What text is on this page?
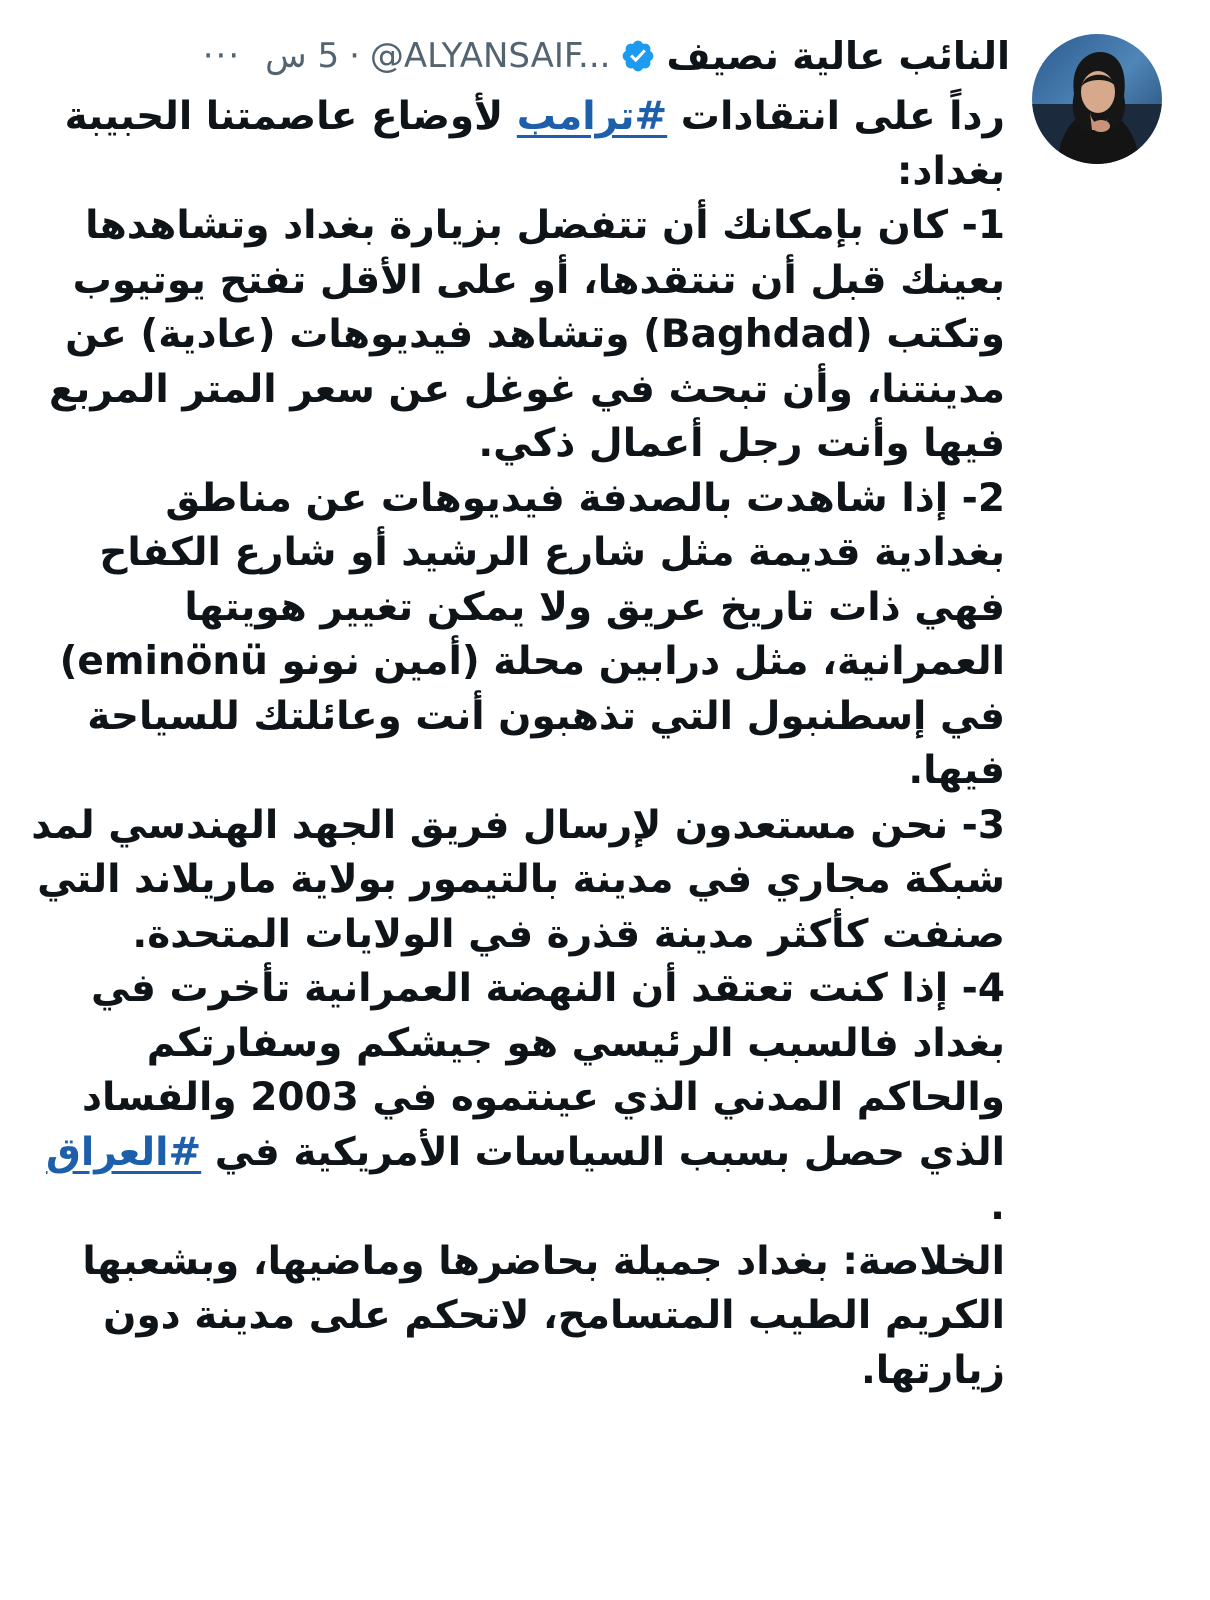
النائب عالية نصيف
@ALYANSAIF...
·
5 س
···

رداً على انتقادات #ترامب لأوضاع عاصمتنا الحبيبة بغداد:

1- كان بإمكانك أن تتفضل بزيارة بغداد وتشاهدها بعينك قبل أن تنتقدها، أو على الأقل تفتح يوتيوب وتكتب (Baghdad) وتشاهد فيديوهات (عادية) عن مدينتنا، وأن تبحث في غوغل عن سعر المتر المربع فيها وأنت رجل أعمال ذكي.

2- إذا شاهدت بالصدفة فيديوهات عن مناطق بغدادية قديمة مثل شارع الرشيد أو شارع الكفاح فهي ذات تاريخ عريق ولا يمكن تغيير هويتها العمرانية، مثل درابين محلة (أمين نونو eminönü) في إسطنبول التي تذهبون أنت وعائلتك للسياحة فيها.

3- نحن مستعدون لإرسال فريق الجهد الهندسي لمد شبكة مجاري في مدينة بالتيمور بولاية ماريلاند التي صنفت كأكثر مدينة قذرة في الولايات المتحدة.

4- إذا كنت تعتقد أن النهضة العمرانية تأخرت في بغداد فالسبب الرئيسي هو جيشكم وسفارتكم والحاكم المدني الذي عينتموه في 2003 والفساد الذي حصل بسبب السياسات الأمريكية في #العراق .

الخلاصة: بغداد جميلة بحاضرها وماضيها، وبشعبها الكريم الطيب المتسامح، لاتحكم على مدينة دون زيارتها.
